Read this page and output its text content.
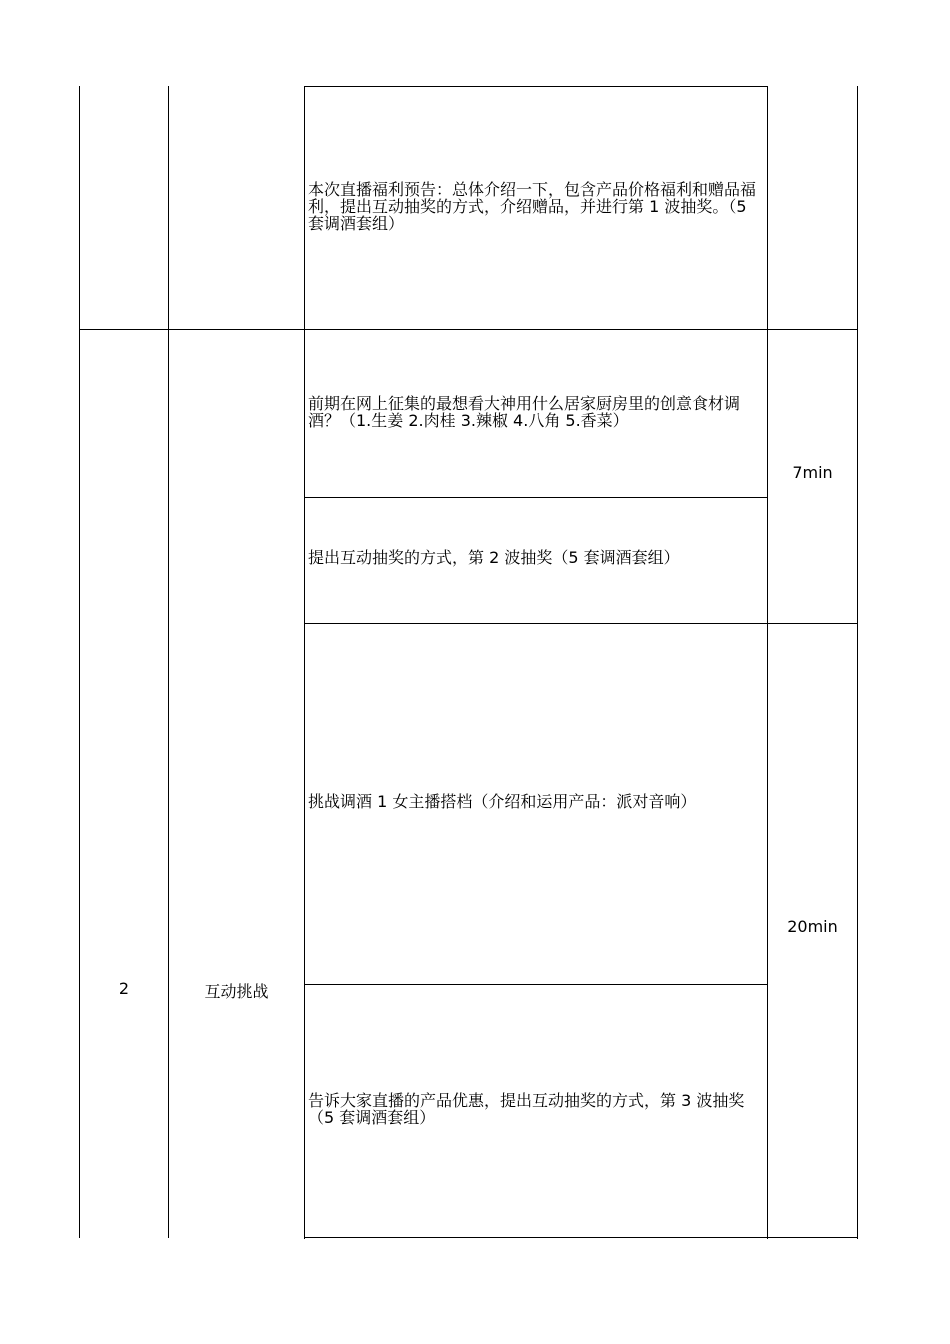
本次直播福利预告：总体介绍一下，包含产品价格福利和赠品福利，提出互动抽奖的方式，介绍赠品，并进行第 1 波抽奖。（5 套调酒套组）
2	互动挑战
前期在网上征集的最想看大神用什么居家厨房里的创意食材调酒？（1.生姜 2.肉桂 3.辣椒 4.八角 5.香菜）
提出互动抽奖的方式，第 2 波抽奖（5 套调酒套组）
挑战调酒 1 女主播搭档（介绍和运用产品：派对音响）
告诉大家直播的产品优惠，提出互动抽奖的方式，第 3 波抽奖（5 套调酒套组）
7min
20min
